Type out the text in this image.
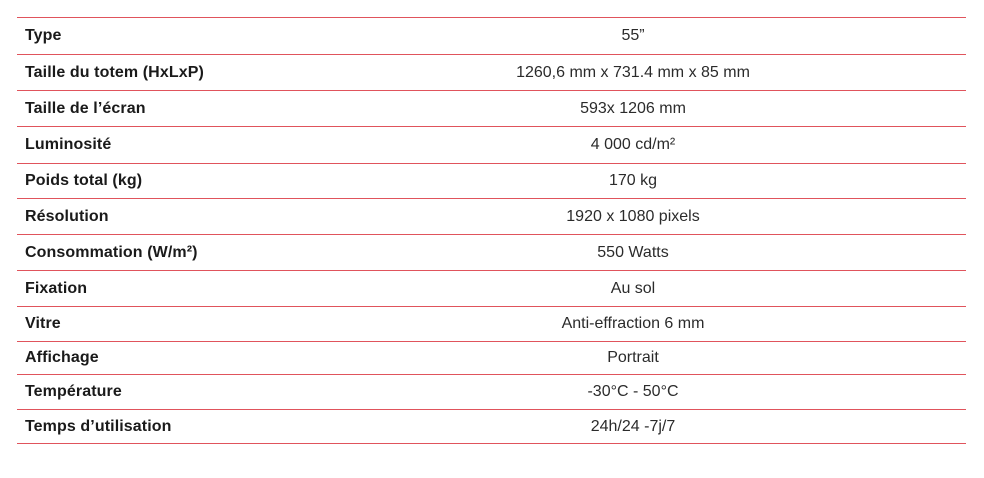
Type	55”
Taille du totem (HxLxP)	1260,6 mm x 731.4 mm x 85 mm
Taille de l’écran	593x 1206 mm
Luminosité	4 000 cd/m²
Poids total (kg)	170 kg
Résolution	1920 x 1080 pixels
Consommation (W/m²)	550 Watts
Fixation	Au sol
Vitre	Anti-effraction 6 mm
Affichage	Portrait
Température	-30°C - 50°C
Temps d’utilisation	24h/24 -7j/7
